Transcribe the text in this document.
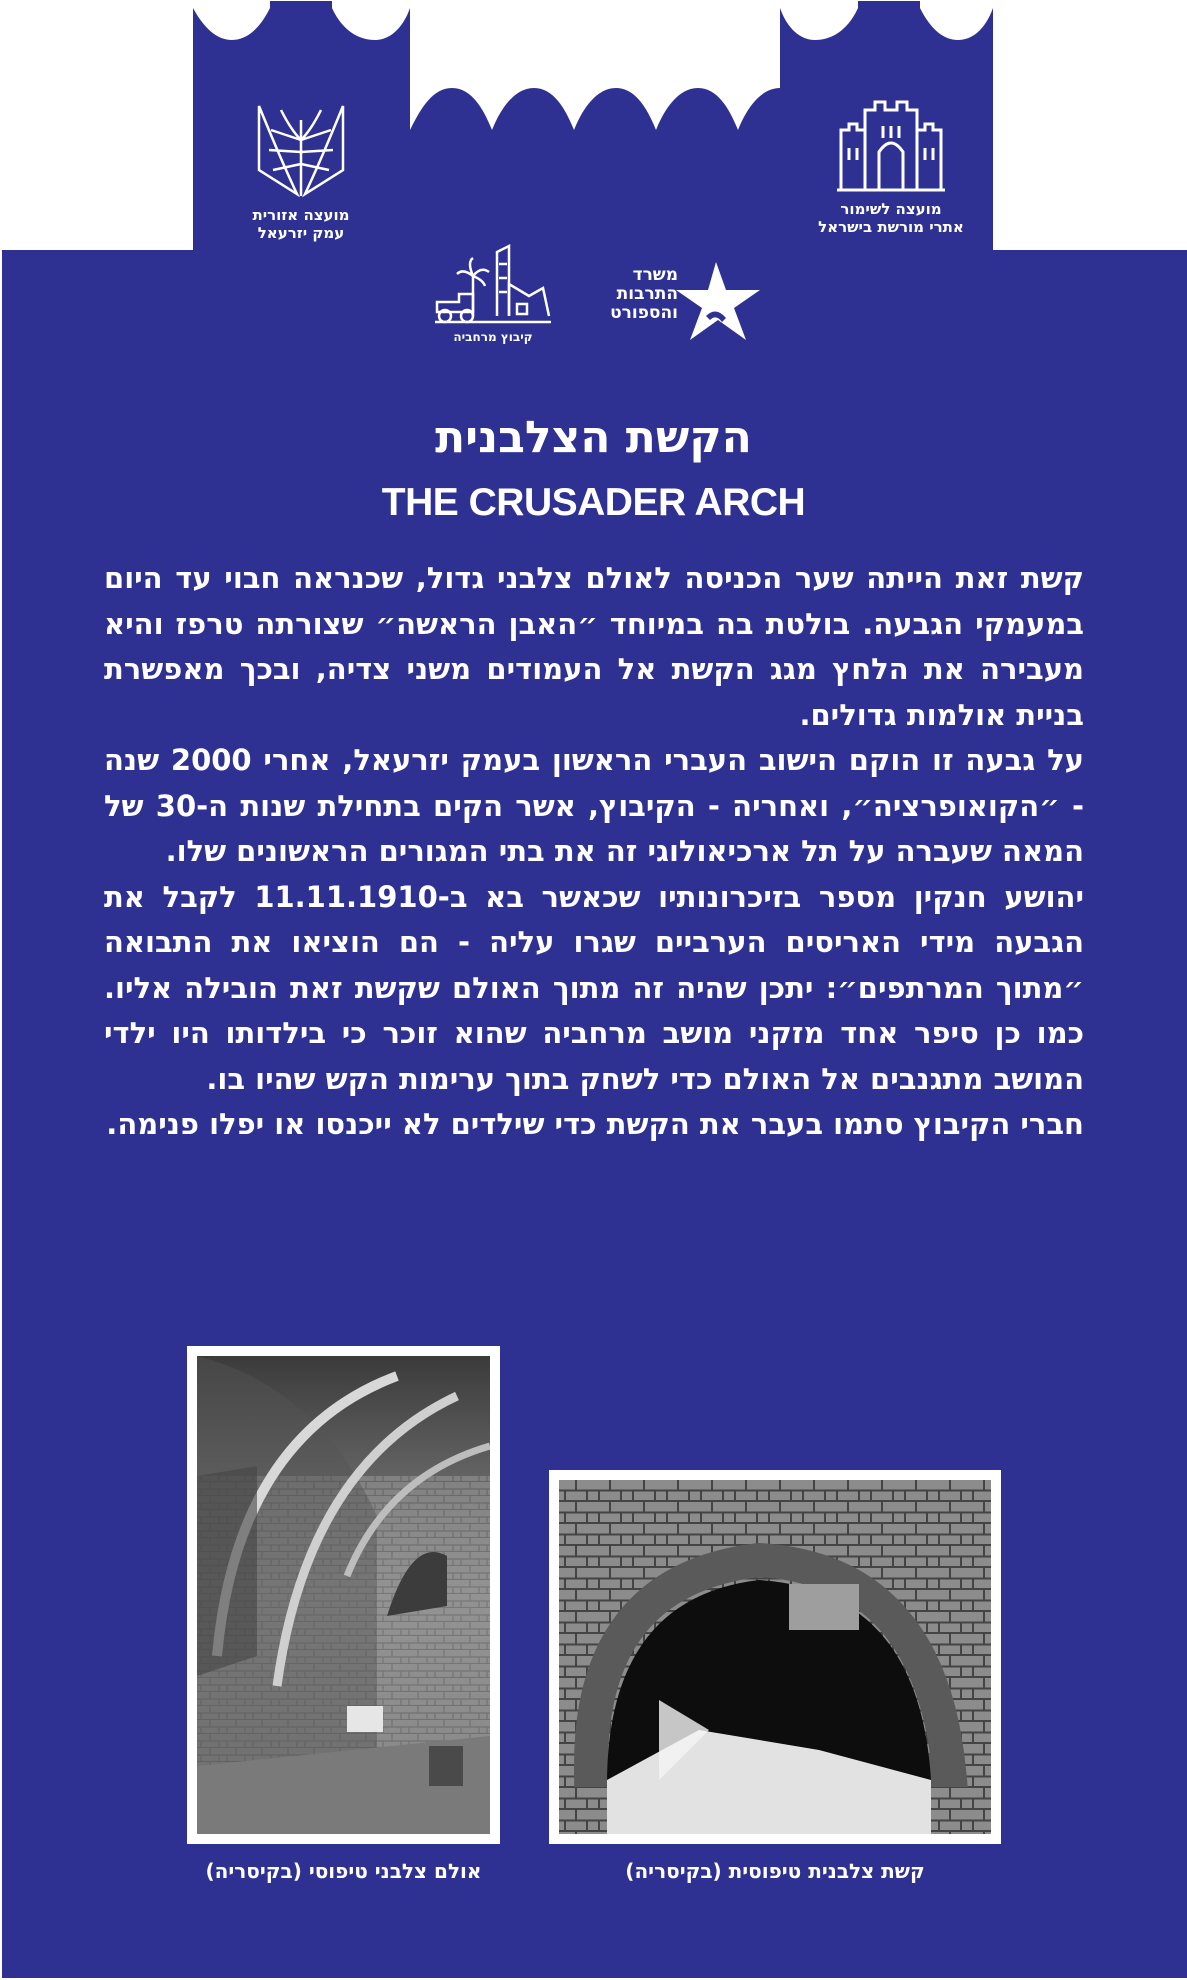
מועצה אזורית
עמק יזרעאל
מועצה לשימור
אתרי מורשת בישראל
קיבוץ מרחביה
משרד
התרבות
והספורט
הקשת הצלבנית
THE CRUSADER ARCH

קשת זאת הייתה שער הכניסה לאולם צלבני גדול, שכנראה חבוי עד היום במעמקי הגבעה. בולטת בה במיוחד ״האבן הראשה״ שצורתה טרפז והיא מעבירה את הלחץ מגג הקשת אל העמודים משני צדיה, ובכך מאפשרת בניית אולמות גדולים.

על גבעה זו הוקם הישוב העברי הראשון בעמק יזרעאל, אחרי 2000 שנה - ״הקואופרציה״, ואחריה - הקיבוץ, אשר הקים בתחילת שנות ה-30 של המאה שעברה על תל ארכיאולוגי זה את בתי המגורים הראשונים שלו.

יהושע חנקין מספר בזיכרונותיו שכאשר בא ב-11.11.1910 לקבל את הגבעה מידי האריסים הערביים שגרו עליה - הם הוציאו את התבואה ״מתוך המרתפים״: יתכן שהיה זה מתוך האולם שקשת זאת הובילה אליו. כמו כן סיפר אחד מזקני מושב מרחביה שהוא זוכר כי בילדותו היו ילדי המושב מתגנבים אל האולם כדי לשחק בתוך ערימות הקש שהיו בו.

חברי הקיבוץ סתמו בעבר את הקשת כדי שילדים לא ייכנסו או יפלו פנימה.

אולם צלבני טיפוסי (בקיסריה)	קשת צלבנית טיפוסית (בקיסריה)
